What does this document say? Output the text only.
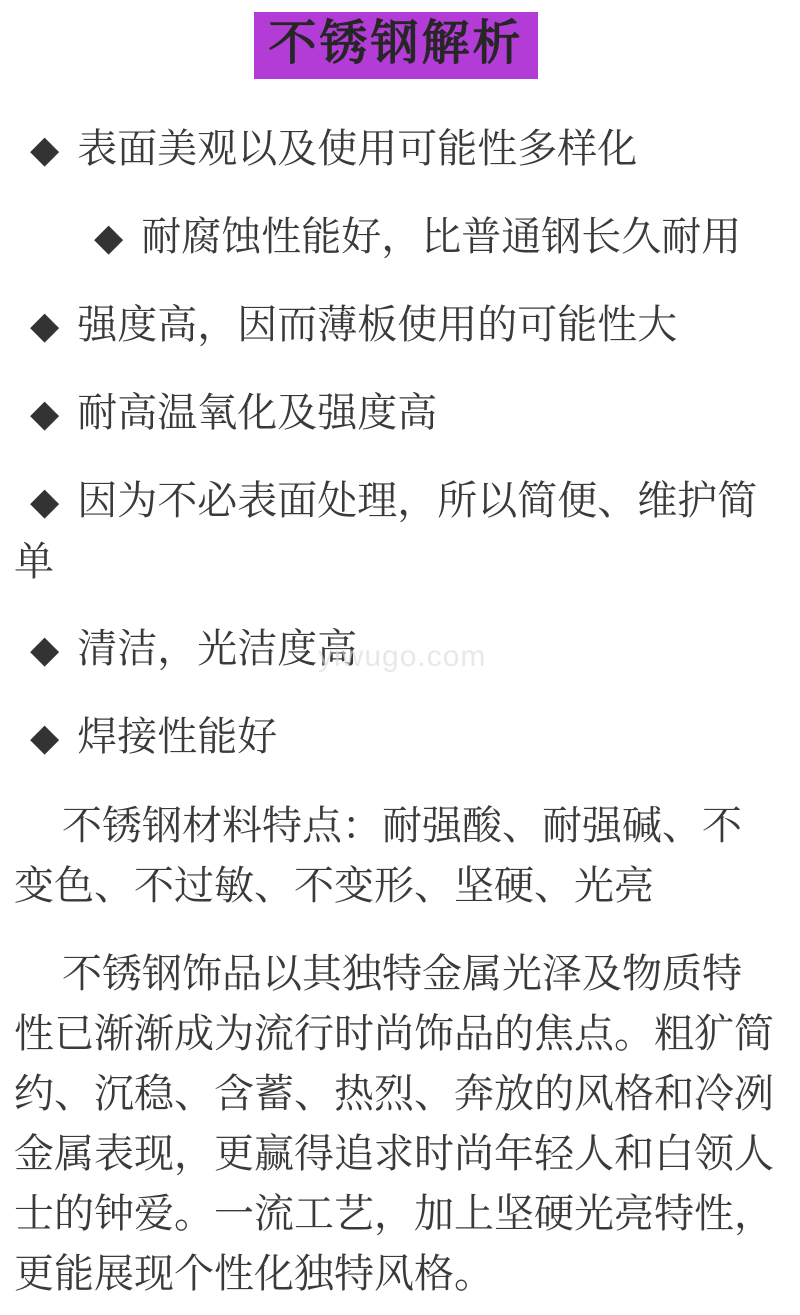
不锈钢解析
◆ 表面美观以及使用可能性多样化
◆ 耐腐蚀性能好，比普通钢长久耐用
◆ 强度高，因而薄板使用的可能性大
◆ 耐高温氧化及强度高
◆ 因为不必表面处理，所以简便、维护简单
◆ 清洁，光洁度高
◆ 焊接性能好

不锈钢材料特点：耐强酸、耐强碱、不变色、不过敏、不变形、坚硬、光亮

不锈钢饰品以其独特金属光泽及物质特性已渐渐成为流行时尚饰品的焦点。粗犷简约、沉稳、含蓄、热烈、奔放的风格和冷冽金属表现，更赢得追求时尚年轻人和白领人士的钟爱。一流工艺，加上坚硬光亮特性，更能展现个性化独特风格。

yiwugo.com
